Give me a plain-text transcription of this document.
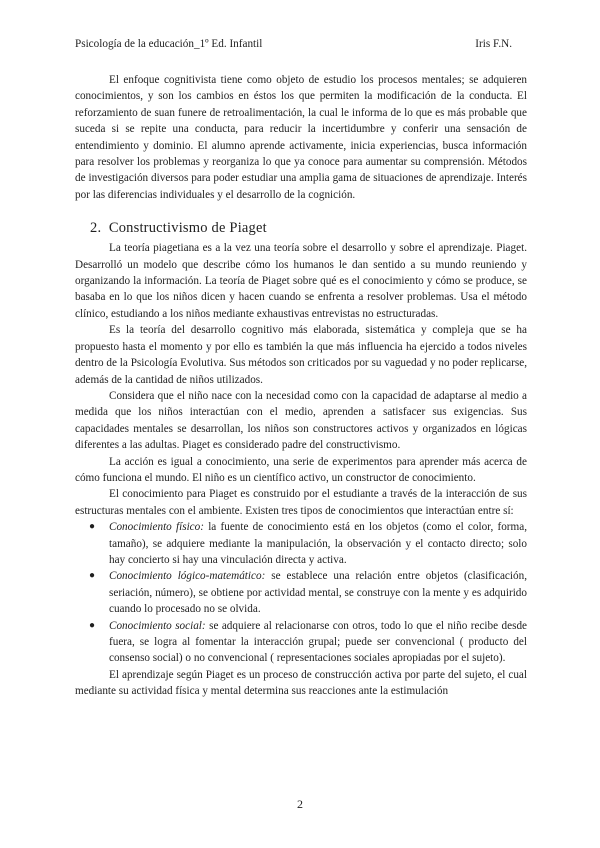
Psicología de la educación_1º Ed. Infantil	Iris F.N.

El enfoque cognitivista tiene como objeto de estudio los procesos mentales; se adquieren conocimientos, y son los cambios en éstos los que permiten la modificación de la conducta. El reforzamiento de suan funere de retroalimentación, la cual le informa de lo que es más probable que suceda si se repite una conducta, para reducir la incertidumbre y conferir una sensación de entendimiento y dominio. El alumno aprende activamente, inicia experiencias, busca información para resolver los problemas y reorganiza lo que ya conoce para aumentar su comprensión. Métodos de investigación diversos para poder estudiar una amplia gama de situaciones de aprendizaje. Interés por las diferencias individuales y el desarrollo de la cognición.

2. Constructivismo de Piaget

La teoría piagetiana es a la vez una teoría sobre el desarrollo y sobre el aprendizaje. Piaget. Desarrolló un modelo que describe cómo los humanos le dan sentido a su mundo reuniendo y organizando la información. La teoría de Piaget sobre qué es el conocimiento y cómo se produce, se basaba en lo que los niños dicen y hacen cuando se enfrenta a resolver problemas. Usa el método clínico, estudiando a los niños mediante exhaustivas entrevistas no estructuradas.

Es la teoría del desarrollo cognitivo más elaborada, sistemática y compleja que se ha propuesto hasta el momento y por ello es también la que más influencia ha ejercido a todos niveles dentro de la Psicología Evolutiva. Sus métodos son criticados por su vaguedad y no poder replicarse, además de la cantidad de niños utilizados.

Considera que el niño nace con la necesidad como con la capacidad de adaptarse al medio a medida que los niños interactúan con el medio, aprenden a satisfacer sus exigencias. Sus capacidades mentales se desarrollan, los niños son constructores activos y organizados en lógicas diferentes a las adultas. Piaget es considerado padre del constructivismo.

La acción es igual a conocimiento, una serie de experimentos para aprender más acerca de cómo funciona el mundo. El niño es un científico activo, un constructor de conocimiento.

El conocimiento para Piaget es construido por el estudiante a través de la interacción de sus estructuras mentales con el ambiente. Existen tres tipos de conocimientos que interactúan entre sí:

● Conocimiento físico: la fuente de conocimiento está en los objetos (como el color, forma, tamaño), se adquiere mediante la manipulación, la observación y el contacto directo; solo hay concierto si hay una vinculación directa y activa.
● Conocimiento lógico-matemático: se establece una relación entre objetos (clasificación, seriación, número), se obtiene por actividad mental, se construye con la mente y es adquirido cuando lo procesado no se olvida.
● Conocimiento social: se adquiere al relacionarse con otros, todo lo que el niño recibe desde fuera, se logra al fomentar la interacción grupal; puede ser convencional ( producto del consenso social) o no convencional ( representaciones sociales apropiadas por el sujeto).

El aprendizaje según Piaget es un proceso de construcción activa por parte del sujeto, el cual mediante su actividad física y mental determina sus reacciones ante la estimulación

2
